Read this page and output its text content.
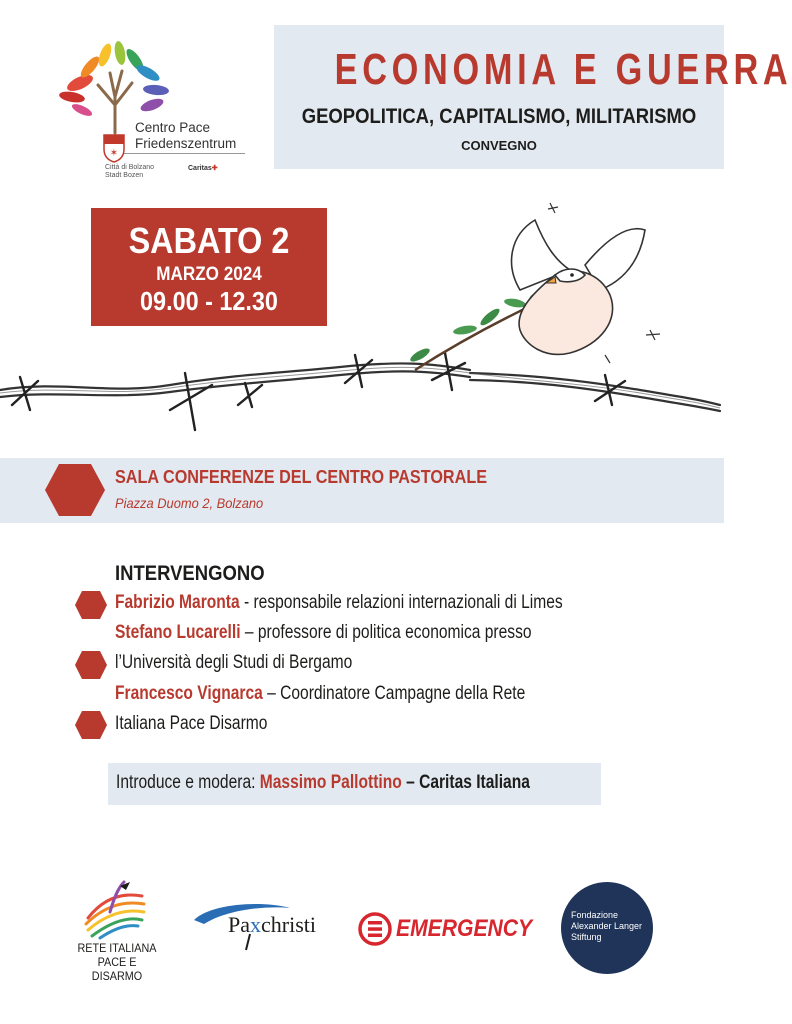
Centro Pace
Friedenszentrum
✶
Città di Bolzano
Stadt Bozen
Caritas✚
ECONOMIA E GUERRA
GEOPOLITICA, CAPITALISMO, MILITARISMO
CONVEGNO
SABATO 2
MARZO 2024
09.00 - 12.30
SALA CONFERENZE DEL CENTRO PASTORALE
Piazza Duomo 2, Bolzano
INTERVENGONO
Fabrizio Maronta - responsabile relazioni internazionali di Limes
Stefano Lucarelli – professore di politica economica presso
l’Università degli Studi di Bergamo
Francesco Vignarca – Coordinatore Campagne della Rete
Italiana Pace Disarmo
Introduce e modera: Massimo Pallottino – Caritas Italiana
RETE ITALIANA
PACE E DISARMO
Paxchristi	EMERGENCY	Fondazione
Alexander Langer
Stiftung
